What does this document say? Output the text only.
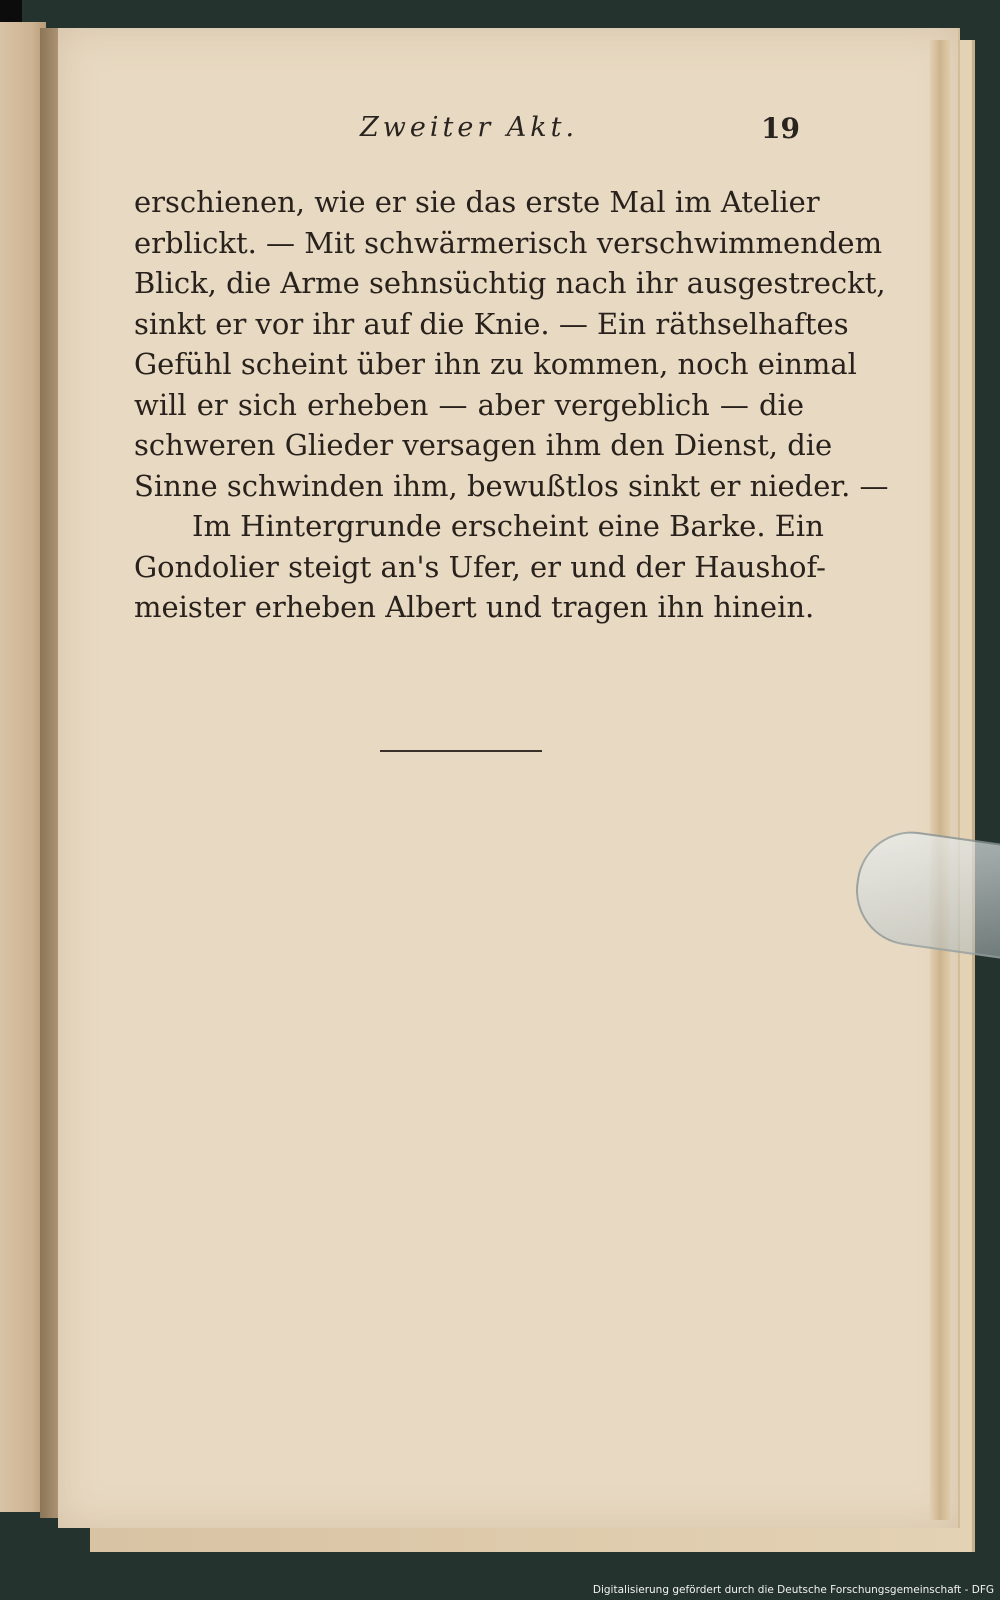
Zweiter Akt.	19
erschienen, wie er sie das erste Mal im Atelier
erblickt. — Mit schwärmerisch verschwimmendem
Blick, die Arme sehnsüchtig nach ihr ausgestreckt,
sinkt er vor ihr auf die Knie. — Ein räthselhaftes
Gefühl scheint über ihn zu kommen, noch einmal
will er sich erheben — aber vergeblich — die
schweren Glieder versagen ihm den Dienst, die
Sinne schwinden ihm, bewußtlos sinkt er nieder. —
Im Hintergrunde erscheint eine Barke. Ein
Gondolier steigt an's Ufer, er und der Haushof-
meister erheben Albert und tragen ihn hinein.
Digitalisierung gefördert durch die Deutsche Forschungsgemeinschaft - DFG
